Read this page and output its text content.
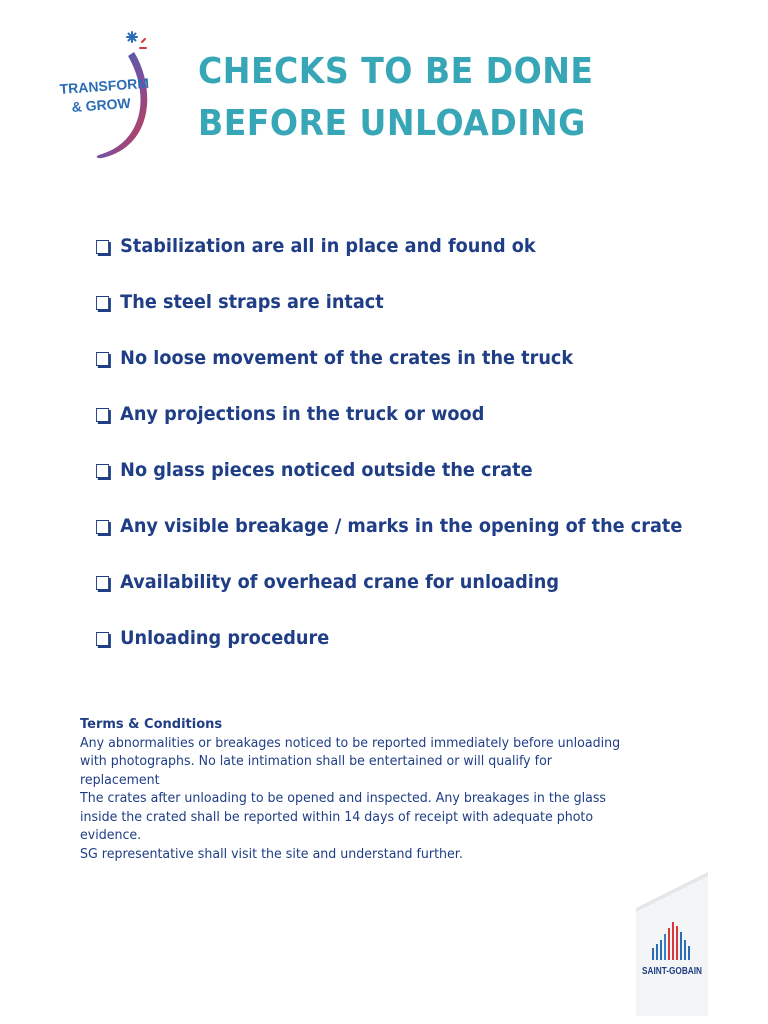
TRANSFORM
& GROW
CHECKS TO BE DONE
BEFORE UNLOADING
Stabilization are all in place and found ok
The steel straps are intact
No loose movement of the crates in the truck
Any projections in the truck or wood
No glass pieces noticed outside the crate
Any visible breakage / marks in the opening of the crate
Availability of overhead crane for unloading
Unloading procedure
Terms & Conditions

Any abnormalities or breakages noticed to be reported immediately before unloading with photographs. No late intimation shall be entertained or will qualify for replacement

The crates after unloading to be opened and inspected. Any breakages in the glass inside the crated shall be reported within 14 days of receipt with adequate photo evidence.

SG representative shall visit the site and understand further.

SAINT-GOBAIN
